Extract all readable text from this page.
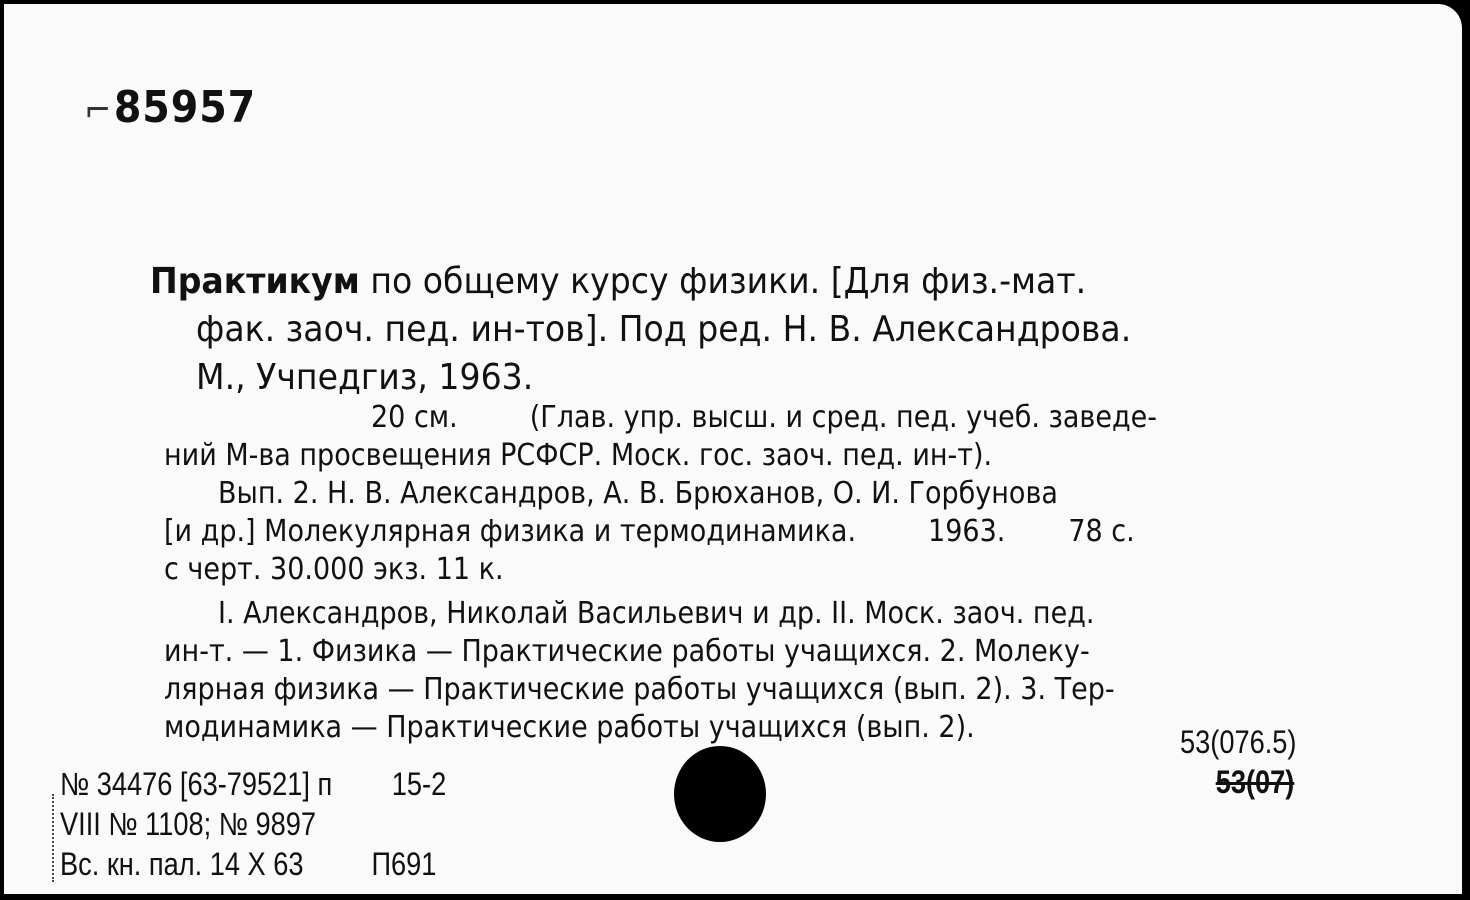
⌐85957
Практикум по общему курсу физики. [Для физ.-мат.
фак. заоч. пед. ин-тов]. Под ред. Н. В. Александрова.
М., Учпедгиз, 1963.
20 см. (Глав. упр. высш. и сред. пед. учеб. заведе-
ний М-ва просвещения РСФСР. Моск. гос. заоч. пед. ин-т).
Вып. 2. Н. В. Александров, А. В. Брюханов, О. И. Горбунова
[и др.] Молекулярная физика и термодинамика. 1963. 78 с.
с черт. 30.000 экз. 11 к.
I. Александров, Николай Васильевич и др. II. Моск. заоч. пед.
ин-т. — 1. Физика — Практические работы учащихся. 2. Молеку-
лярная физика — Практические работы учащихся (вып. 2). 3. Тер-
модинамика — Практические работы учащихся (вып. 2).	53(076.5)
53(07)
№ 34476 [63-79521] п 15-2
VIII № 1108; № 9897
Вс. кн. пал. 14 X 63 П691
